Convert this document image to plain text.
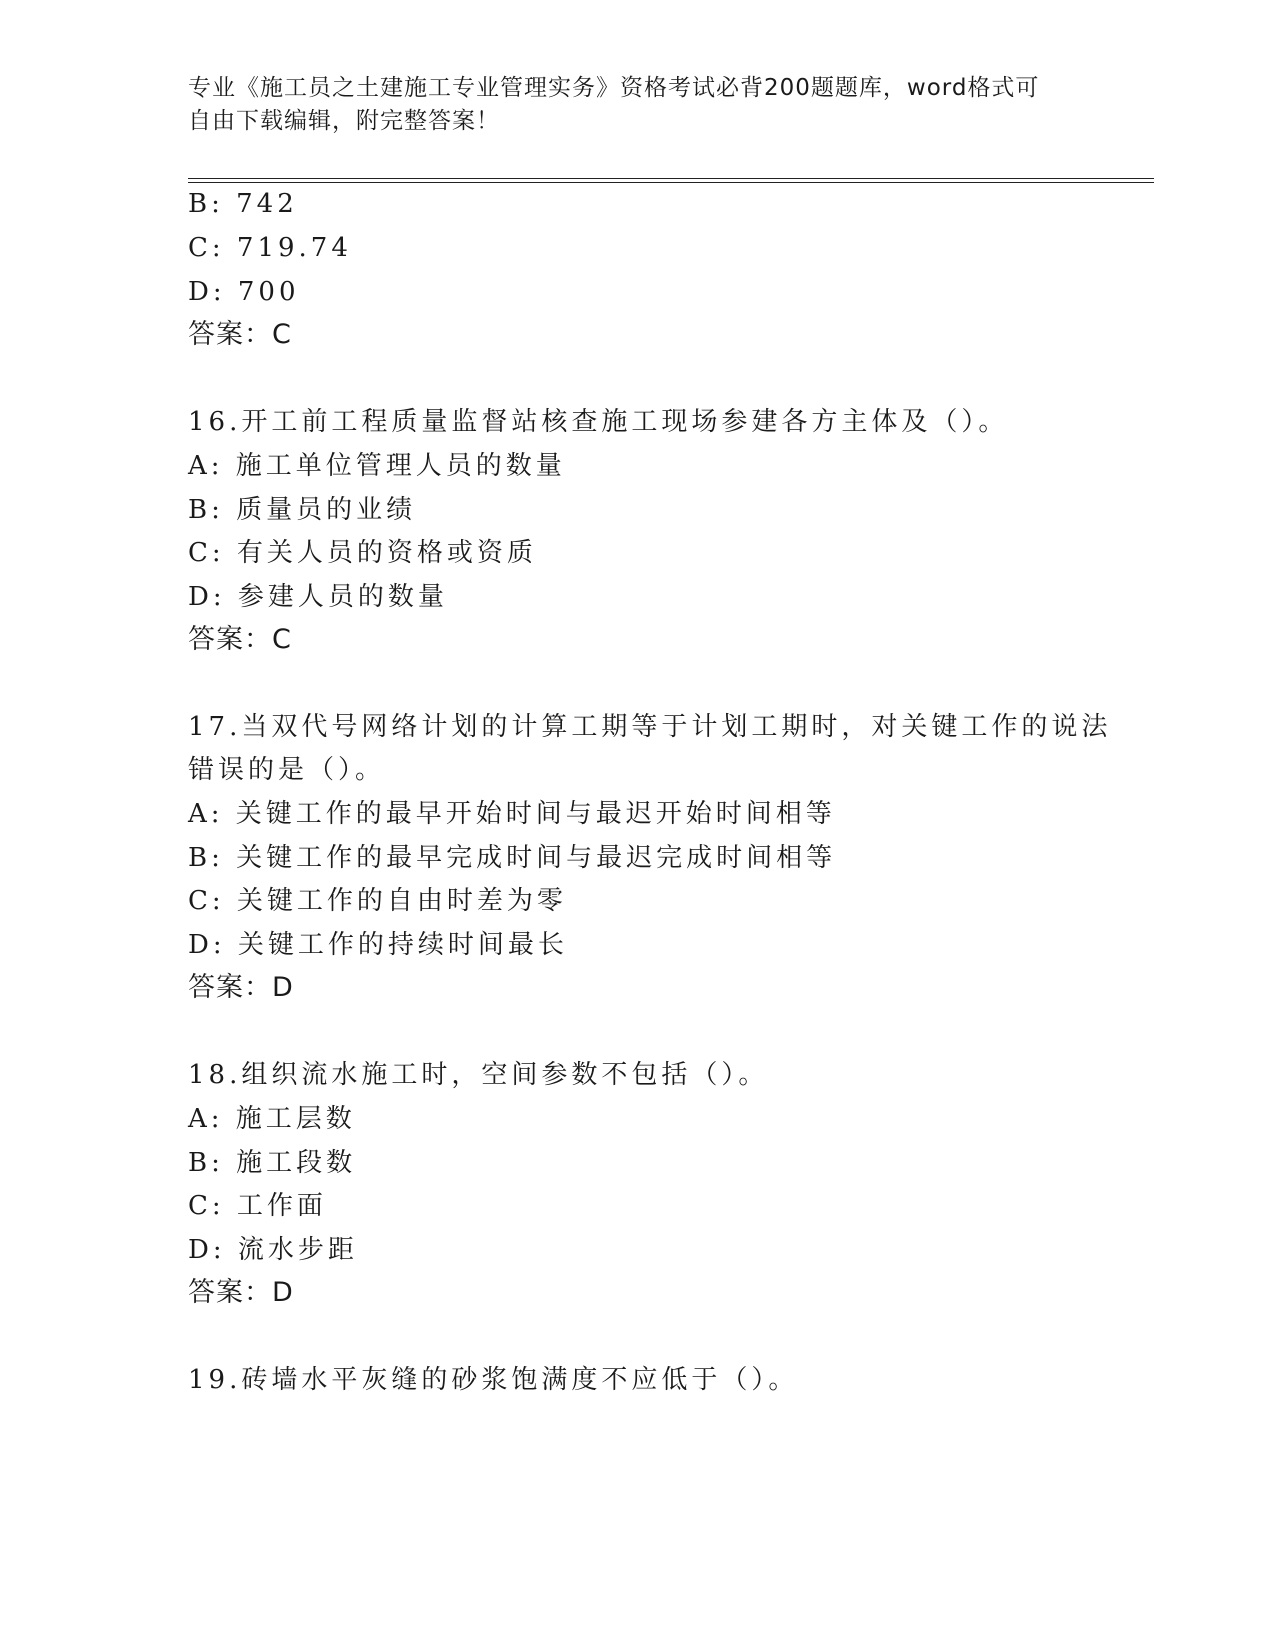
专业《施工员之土建施工专业管理实务》资格考试必背200题题库，word格式可
自由下载编辑，附完整答案！
B: 742
C: 719.74
D: 700
答案：C
16.开工前工程质量监督站核查施工现场参建各方主体及（）。
A: 施工单位管理人员的数量
B: 质量员的业绩
C: 有关人员的资格或资质
D: 参建人员的数量
答案：C
17.当双代号网络计划的计算工期等于计划工期时，对关键工作的说法
错误的是（）。
A: 关键工作的最早开始时间与最迟开始时间相等
B: 关键工作的最早完成时间与最迟完成时间相等
C: 关键工作的自由时差为零
D: 关键工作的持续时间最长
答案：D
18.组织流水施工时，空间参数不包括（）。
A: 施工层数
B: 施工段数
C: 工作面
D: 流水步距
答案：D
19.砖墙水平灰缝的砂浆饱满度不应低于（）。
